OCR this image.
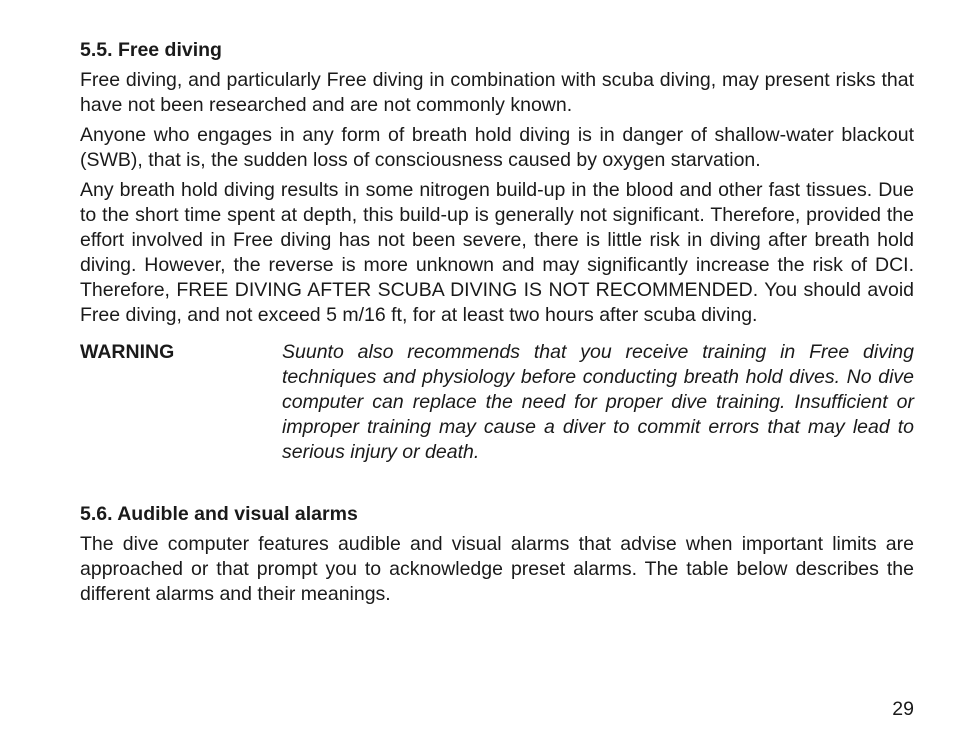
5.5. Free diving

Free diving, and particularly Free diving in combination with scuba diving, may present risks that have not been researched and are not commonly known.

Anyone who engages in any form of breath hold diving is in danger of shallow-water blackout (SWB), that is, the sudden loss of consciousness caused by oxygen starvation.

Any breath hold diving results in some nitrogen build-up in the blood and other fast tissues. Due to the short time spent at depth, this build-up is generally not significant. Therefore, provided the effort involved in Free diving has not been severe, there is little risk in diving after breath hold diving. However, the reverse is more unknown and may significantly increase the risk of DCI. Therefore, FREE DIVING AFTER SCUBA DIVING IS NOT RECOMMENDED. You should avoid Free diving, and not exceed 5 m/16 ft, for at least two hours after scuba diving.

WARNING	Suunto also recommends that you receive training in Free diving techniques and physiology before conducting breath hold dives. No dive computer can replace the need for proper dive training. Insufficient or improper training may cause a diver to commit errors that may lead to serious injury or death.
5.6. Audible and visual alarms

The dive computer features audible and visual alarms that advise when important limits are approached or that prompt you to acknowledge preset alarms. The table below describes the different alarms and their meanings.

29
